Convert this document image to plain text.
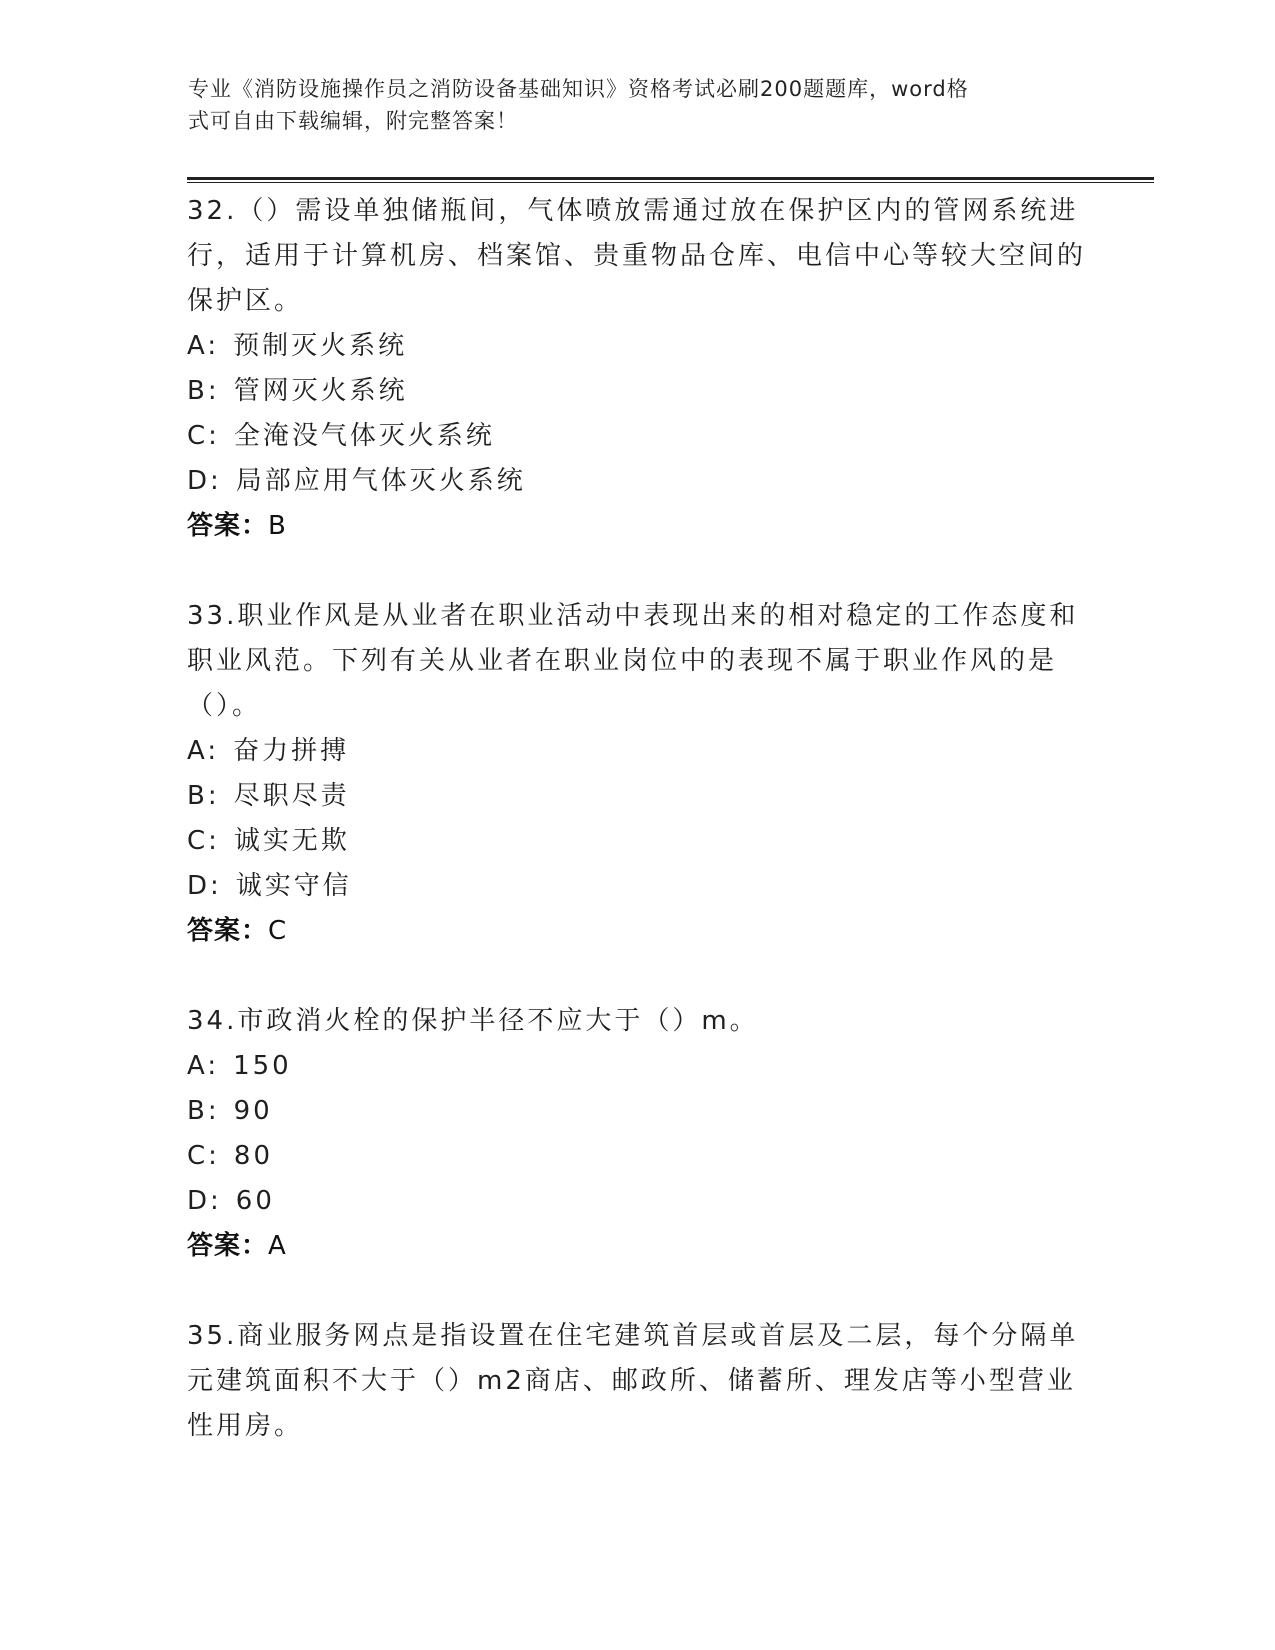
专业《消防设施操作员之消防设备基础知识》资格考试必刷200题题库，word格
式可自由下载编辑，附完整答案！

32.（）需设单独储瓶间，气体喷放需通过放在保护区内的管网系统进行，适用于计算机房、档案馆、贵重物品仓库、电信中心等较大空间的保护区。

A: 预制灭火系统
B: 管网灭火系统
C: 全淹没气体灭火系统
D: 局部应用气体灭火系统
答案：B

33.职业作风是从业者在职业活动中表现出来的相对稳定的工作态度和职业风范。下列有关从业者在职业岗位中的表现不属于职业作风的是（）。

A: 奋力拼搏
B: 尽职尽责
C: 诚实无欺
D: 诚实守信
答案：C

34.市政消火栓的保护半径不应大于（）m。

A: 150
B: 90
C: 80
D: 60
答案：A

35.商业服务网点是指设置在住宅建筑首层或首层及二层，每个分隔单元建筑面积不大于（）m2商店、邮政所、储蓄所、理发店等小型营业性用房。
